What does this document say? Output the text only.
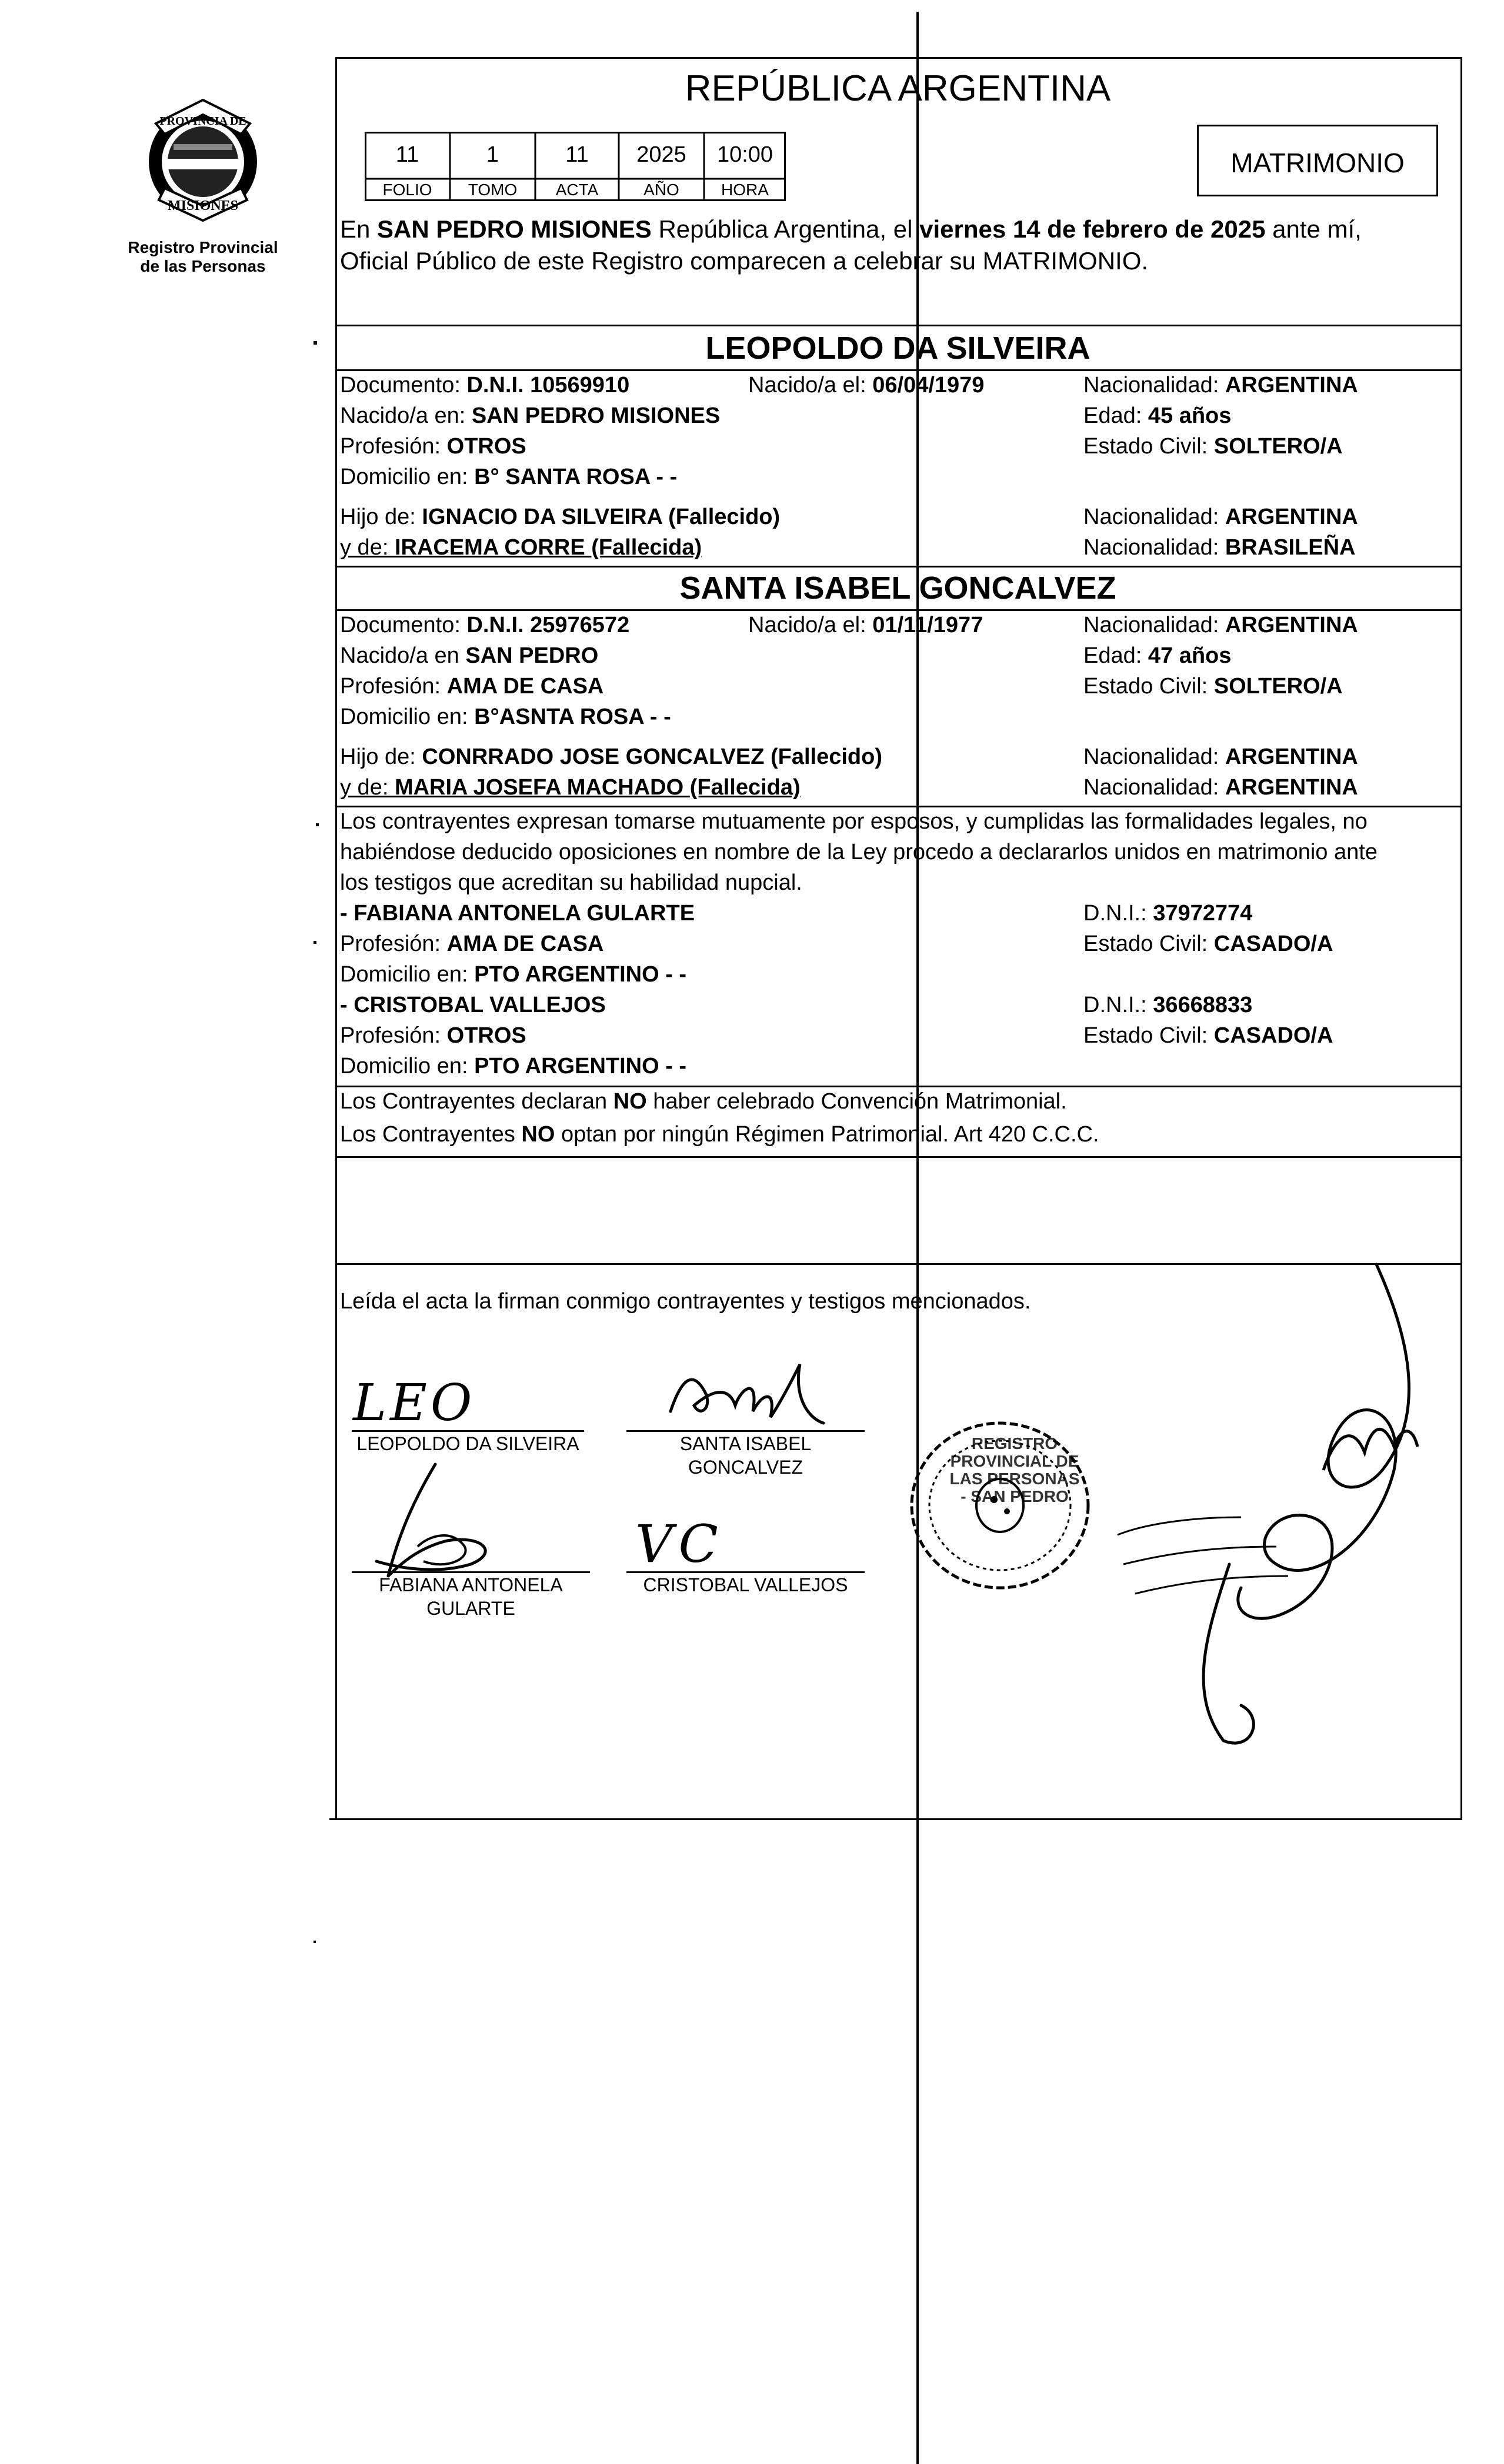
PROVINCIA DE
MISIONES
Registro Provincial
de las Personas
REPÚBLICA ARGENTINA
MATRIMONIO
11	1	11	2025	10:00
FOLIO	TOMO	ACTA	AÑO	HORA
En SAN PEDRO MISIONES República Argentina, el viernes 14 de febrero de 2025 ante mí,
Oficial Público de este Registro comparecen a celebrar su MATRIMONIO.
LEOPOLDO DA SILVEIRA
Documento: D.N.I. 10569910	Nacido/a el: 06/04/1979	Nacionalidad: ARGENTINA
Nacido/a en: SAN PEDRO MISIONES	Edad: 45 años
Profesión: OTROS	Estado Civil: SOLTERO/A
Domicilio en: B° SANTA ROSA - -
Hijo de: IGNACIO DA SILVEIRA (Fallecido)	Nacionalidad: ARGENTINA
y de: IRACEMA CORRE (Fallecida)	Nacionalidad: BRASILEÑA
SANTA ISABEL GONCALVEZ
Documento: D.N.I. 25976572	Nacido/a el: 01/11/1977	Nacionalidad: ARGENTINA
Nacido/a en SAN PEDRO	Edad: 47 años
Profesión: AMA DE CASA	Estado Civil: SOLTERO/A
Domicilio en: B°ASNTA ROSA - -
Hijo de: CONRRADO JOSE GONCALVEZ (Fallecido)	Nacionalidad: ARGENTINA
y de: MARIA JOSEFA MACHADO (Fallecida)	Nacionalidad: ARGENTINA
Los contrayentes expresan tomarse mutuamente por esposos, y cumplidas las formalidades legales, no
habiéndose deducido oposiciones en nombre de la Ley procedo a declararlos unidos en matrimonio ante
los testigos que acreditan su habilidad nupcial.
- FABIANA ANTONELA GULARTE	D.N.I.: 37972774
Profesión: AMA DE CASA	Estado Civil: CASADO/A
Domicilio en: PTO ARGENTINO - -
- CRISTOBAL VALLEJOS	D.N.I.: 36668833
Profesión: OTROS	Estado Civil: CASADO/A
Domicilio en: PTO ARGENTINO - -
Los Contrayentes declaran NO haber celebrado Convención Matrimonial.
Los Contrayentes NO optan por ningún Régimen Patrimonial. Art 420 C.C.C.
Leída el acta la firman conmigo contrayentes y testigos mencionados.
LEOPOLDO DA SILVEIRA	SANTA ISABEL
GONCALVEZ
FABIANA ANTONELA
GULARTE
CRISTOBAL VALLEJOS
LEO
VC
REGISTRO PROVINCIAL DE LAS PERSONAS - SAN PEDRO
